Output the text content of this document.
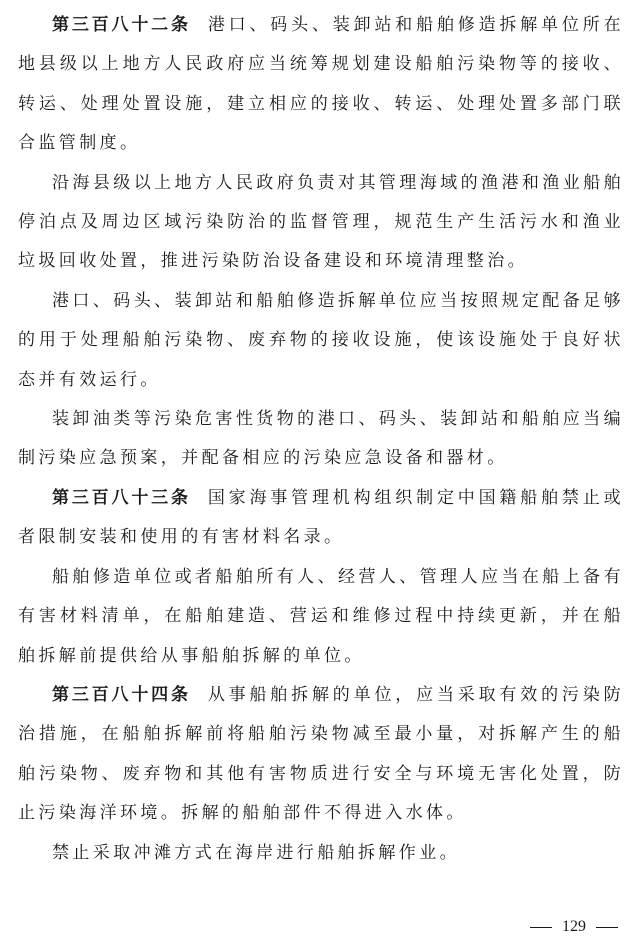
第三百八十二条 港口、码头、装卸站和船舶修造拆解单位所在地县级以上地方人民政府应当统筹规划建设船舶污染物等的接收、转运、处理处置设施，建立相应的接收、转运、处理处置多部门联合监管制度。

沿海县级以上地方人民政府负责对其管理海域的渔港和渔业船舶停泊点及周边区域污染防治的监督管理，规范生产生活污水和渔业垃圾回收处置，推进污染防治设备建设和环境清理整治。

港口、码头、装卸站和船舶修造拆解单位应当按照规定配备足够的用于处理船舶污染物、废弃物的接收设施，使该设施处于良好状态并有效运行。

装卸油类等污染危害性货物的港口、码头、装卸站和船舶应当编制污染应急预案，并配备相应的污染应急设备和器材。

第三百八十三条 国家海事管理机构组织制定中国籍船舶禁止或者限制安装和使用的有害材料名录。

船舶修造单位或者船舶所有人、经营人、管理人应当在船上备有有害材料清单，在船舶建造、营运和维修过程中持续更新，并在船舶拆解前提供给从事船舶拆解的单位。

第三百八十四条 从事船舶拆解的单位，应当采取有效的污染防治措施，在船舶拆解前将船舶污染物减至最小量，对拆解产生的船舶污染物、废弃物和其他有害物质进行安全与环境无害化处置，防止污染海洋环境。拆解的船舶部件不得进入水体。

禁止采取冲滩方式在海岸进行船舶拆解作业。

129
